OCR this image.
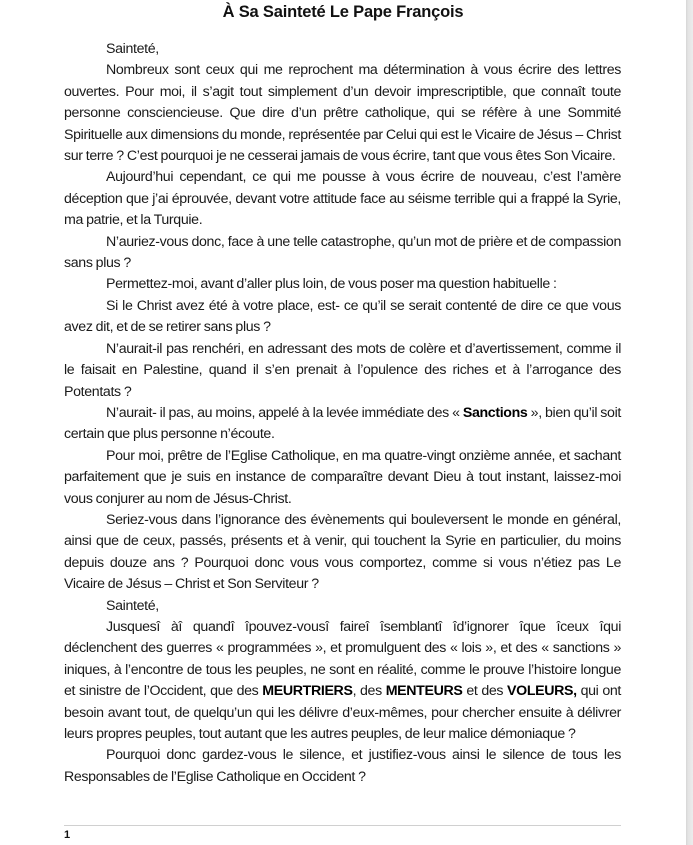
À Sa Sainteté Le Pape François

Sainteté,

Nombreux sont ceux qui me reprochent ma détermination à vous écrire des lettres ouvertes. Pour moi, il s’agit tout simplement d’un devoir imprescriptible, que connaît toute personne consciencieuse. Que dire d’un prêtre catholique, qui se réfère à une Sommité Spirituelle aux dimensions du monde, représentée par Celui qui est le Vicaire de Jésus – Christ sur terre ? C’est pourquoi je ne cesserai jamais de vous écrire, tant que vous êtes Son Vicaire.

Aujourd’hui cependant, ce qui me pousse à vous écrire de nouveau, c’est l’amère déception que j’ai éprouvée, devant votre attitude face au séisme terrible qui a frappé la Syrie, ma patrie, et la Turquie.

N’auriez-vous donc, face à une telle catastrophe, qu’un mot de prière et de compassion sans plus ?

Permettez-moi, avant d’aller plus loin, de vous poser ma question habituelle :

Si le Christ avez été à votre place, est- ce qu’il se serait contenté de dire ce que vous avez dit, et de se retirer sans plus ?

N’aurait-il pas renchéri, en adressant des mots de colère et d’avertissement, comme il le faisait en Palestine, quand il s’en prenait à l’opulence des riches et à l’arrogance des Potentats ?

N’aurait- il pas, au moins, appelé à la levée immédiate des « Sanctions », bien qu’il soit certain que plus personne n’écoute.

Pour moi, prêtre de l’Eglise Catholique, en ma quatre-vingt onzième année, et sachant parfaitement que je suis en instance de comparaître devant Dieu à tout instant, laissez-moi vous conjurer au nom de Jésus-Christ.

Seriez-vous dans l’ignorance des évènements qui bouleversent le monde en général, ainsi que de ceux, passés, présents et à venir, qui touchent la Syrie en particulier, du moins depuis douze ans ? Pourquoi donc vous vous comportez, comme si vous n’étiez pas Le Vicaire de Jésus – Christ et Son Serviteur ?

Sainteté,

Jusquesî àî quandî îpouvez-vousî faireî îsemblantî îd’ignorer îque îceux îqui déclenchent des guerres « programmées », et promulguent des « lois », et des « sanctions » iniques, à l’encontre de tous les peuples, ne sont en réalité, comme le prouve l’histoire longue et sinistre de l’Occident, que des MEURTRIERS, des MENTEURS et des VOLEURS, qui ont besoin avant tout, de quelqu’un qui les délivre d’eux-mêmes, pour chercher ensuite à délivrer leurs propres peuples, tout autant que les autres peuples, de leur malice démoniaque ?

Pourquoi donc gardez-vous le silence, et justifiez-vous ainsi le silence de tous les Responsables de l’Eglise Catholique en Occident ?

1
